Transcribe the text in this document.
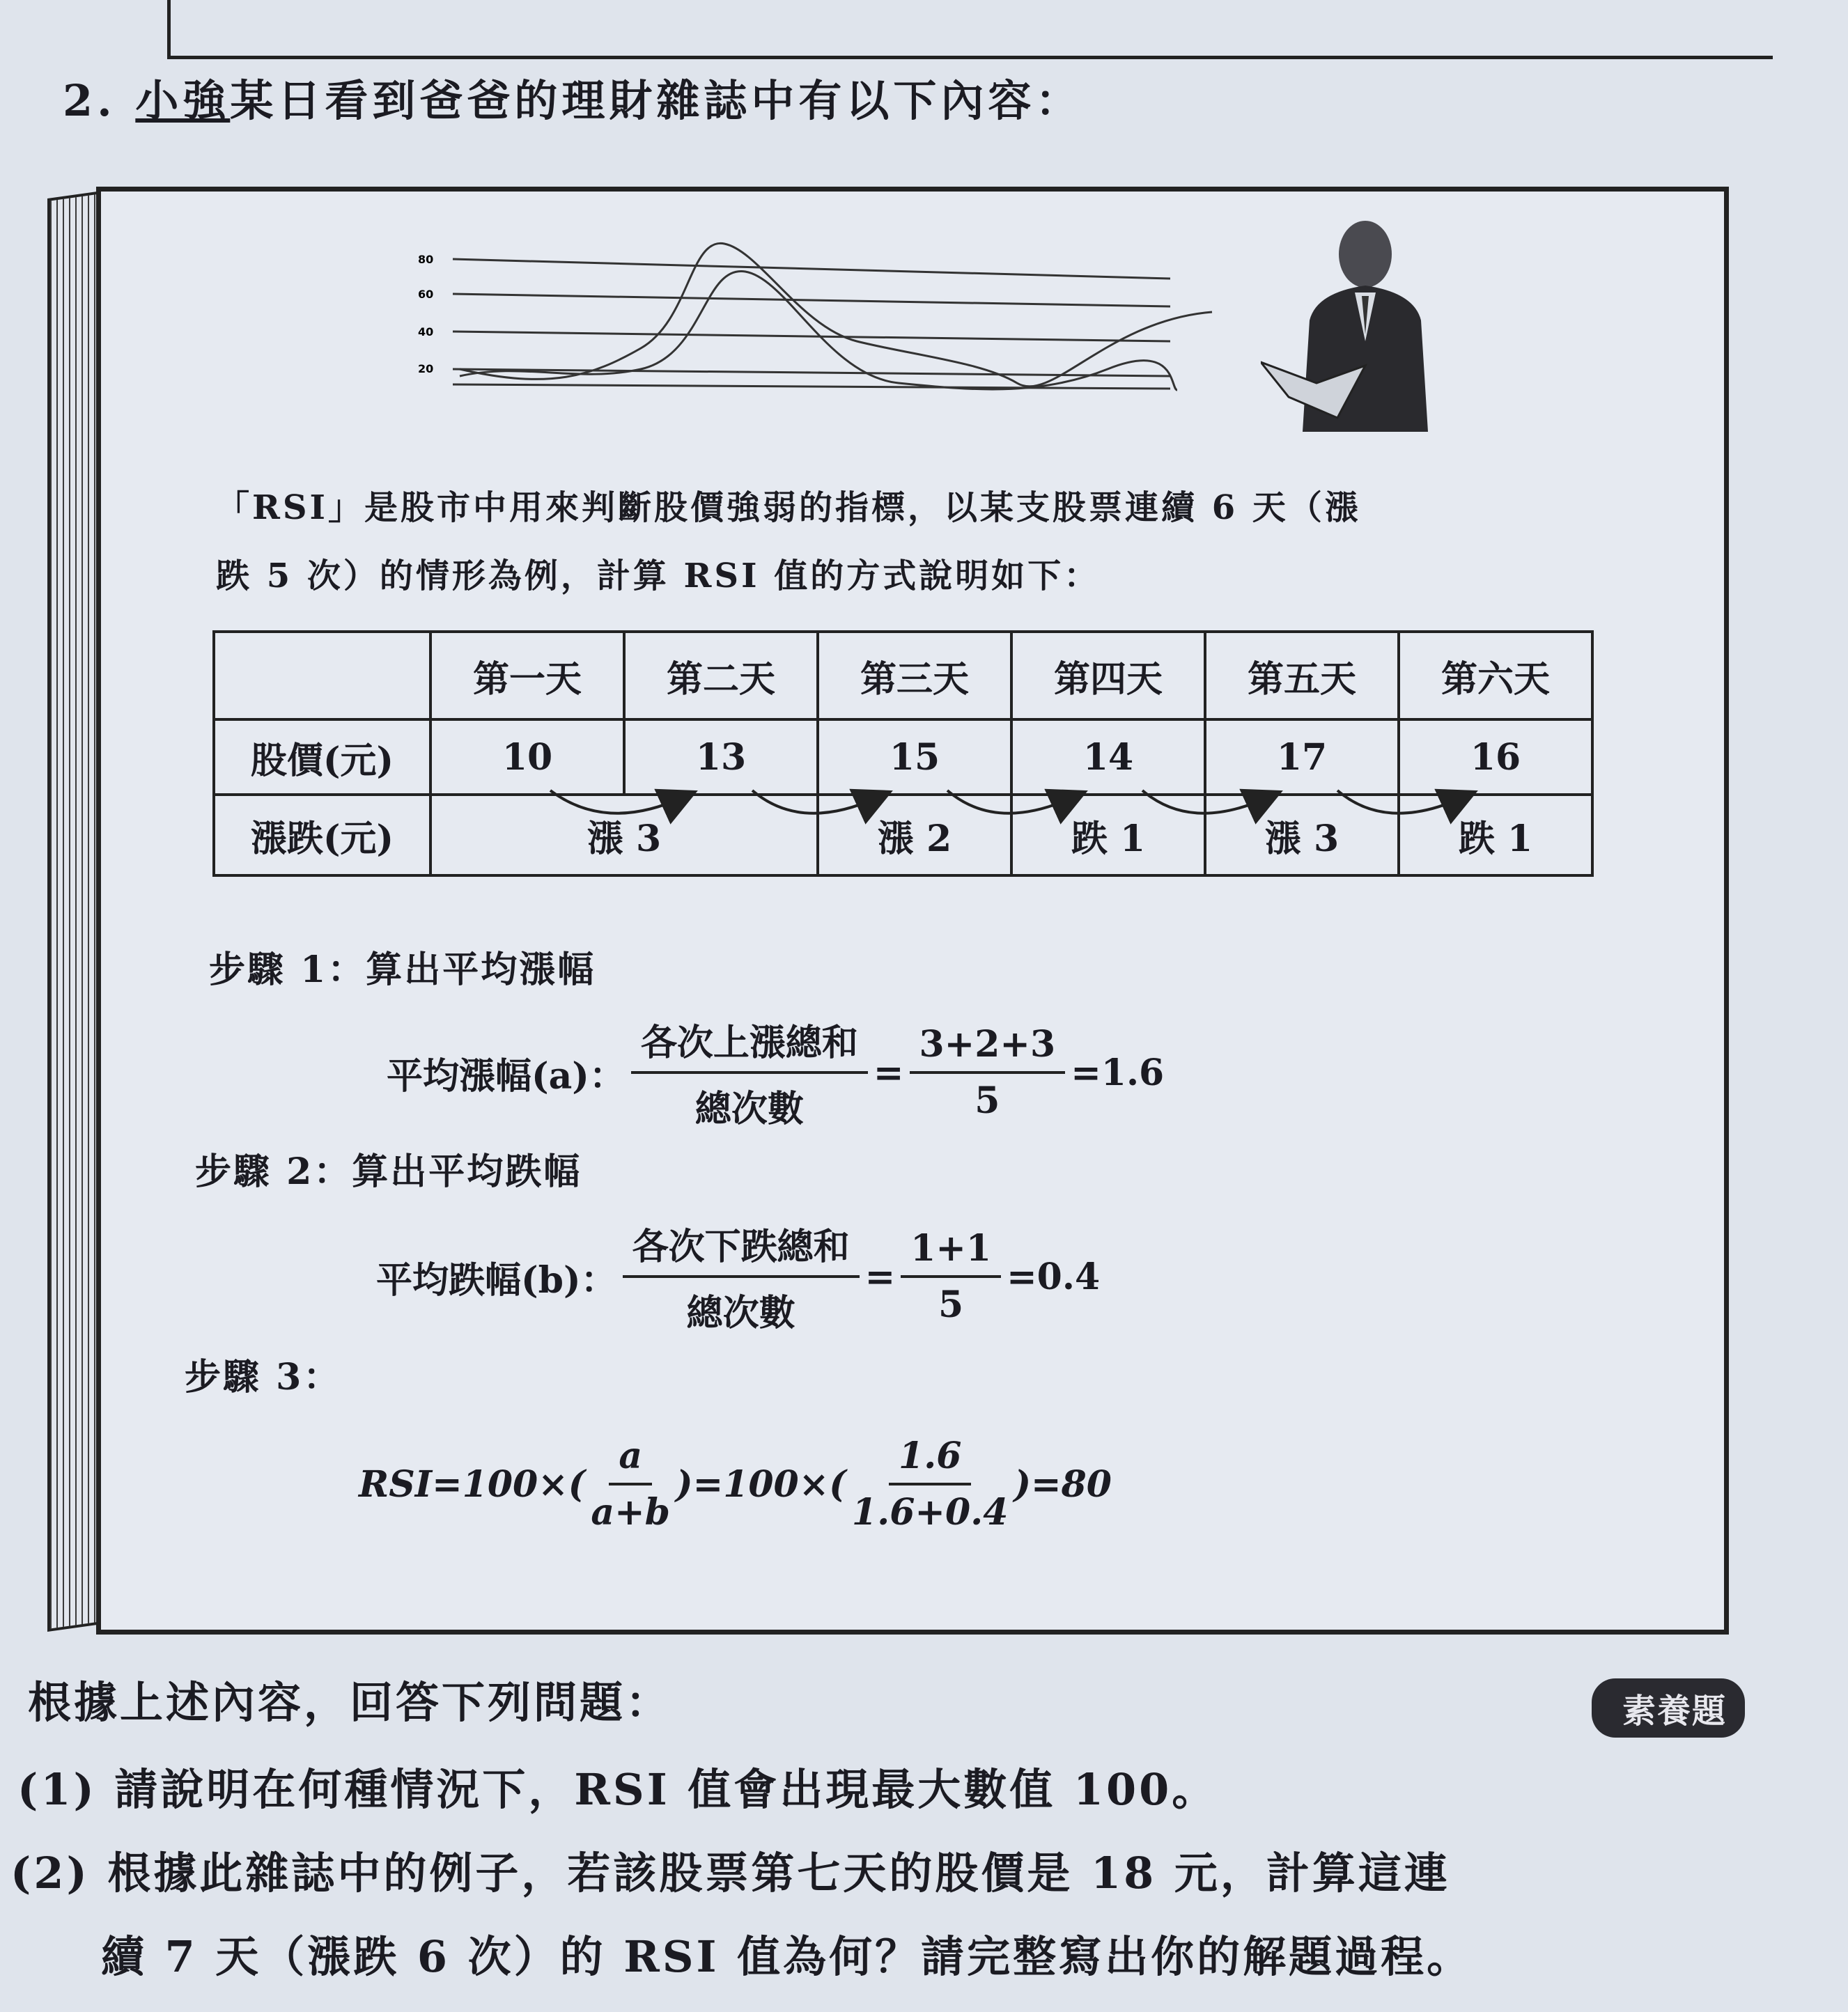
2. 小強某日看到爸爸的理財雜誌中有以下內容：
80
60
40
20
「RSI」是股市中用來判斷股價強弱的指標，以某支股票連續 6 天（漲
跌 5 次）的情形為例，計算 RSI 值的方式說明如下：
	第一天	第二天	第三天	第四天	第五天	第六天
股價(元)	10	13	15	14	17	16
漲跌(元)	漲 3		漲 2	跌 1	漲 3	跌 1
步驟 1：算出平均漲幅
平均漲幅(a)： $\frac{\text{各次上漲總和}}{\text{總次數}} = \frac{3+2+3}{5} =1.6$
步驟 2：算出平均跌幅
平均跌幅(b)： $\frac{\text{各次下跌總和}}{\text{總次數}} = \frac{1+1}{5} =0.4$
步驟 3：
$RSI=100\times( \frac{a}{a+b} )=100\times( \frac{1.6}{1.6+0.4} )=80$
根據上述內容，回答下列問題：	素養題
(1) 請說明在何種情況下，RSI 值會出現最大數值 100。
(2) 根據此雜誌中的例子，若該股票第七天的股價是 18 元，計算這連
續 7 天（漲跌 6 次）的 RSI 值為何？請完整寫出你的解題過程。
